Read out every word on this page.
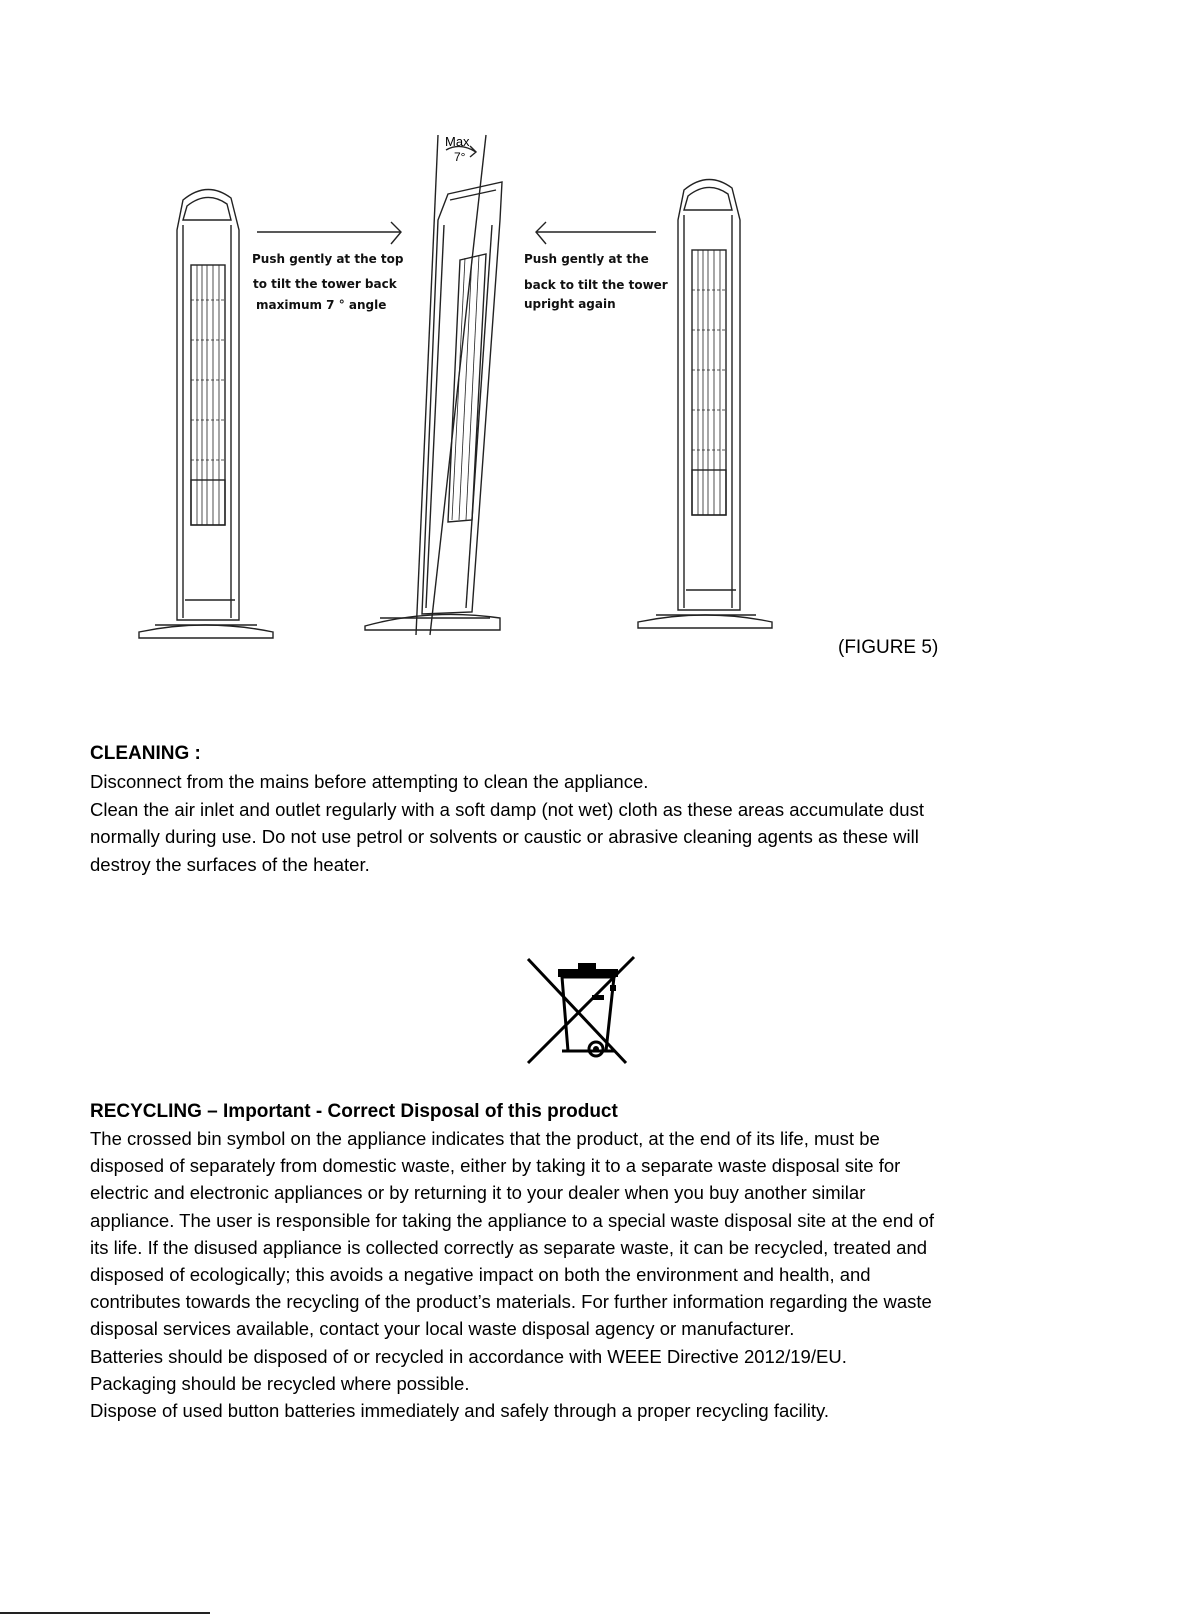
Push gently at the top
to tilt the tower back
maximum 7 ° angle
Max
7°
Push gently at the
back to tilt the tower
upright again
(FIGURE 5)
CLEANING :
Disconnect from the mains before attempting to clean the appliance.
Clean the air inlet and outlet regularly with a soft damp (not wet) cloth as these areas accumulate dust
normally during use. Do not use petrol or solvents or caustic or abrasive cleaning agents as these will
destroy the surfaces of the heater.
RECYCLING – Important - Correct Disposal of this product
The crossed bin symbol on the appliance indicates that the product, at the end of its life, must be
disposed of separately from domestic waste, either by taking it to a separate waste disposal site for
electric and electronic appliances or by returning it to your dealer when you buy another similar
appliance. The user is responsible for taking the appliance to a special waste disposal site at the end of
its life. If the disused appliance is collected correctly as separate waste, it can be recycled, treated and
disposed of ecologically; this avoids a negative impact on both the environment and health, and
contributes towards the recycling of the product’s materials. For further information regarding the waste
disposal services available, contact your local waste disposal agency or manufacturer.
Batteries should be disposed of or recycled in accordance with WEEE Directive 2012/19/EU.
Packaging should be recycled where possible.
Dispose of used button batteries immediately and safely through a proper recycling facility.
